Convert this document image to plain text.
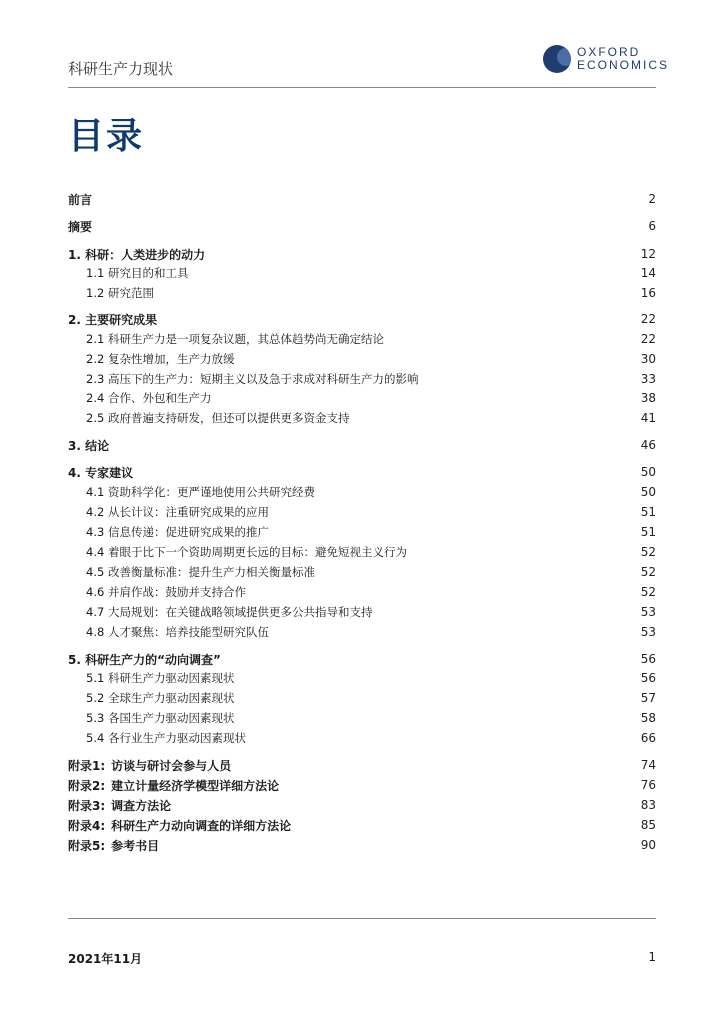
科研生产力现状
OXFORD
ECONOMICS
目录
前言	2
摘要	6
1. 科研：人类进步的动力	12
1.1 研究目的和工具	14
1.2 研究范围	16
2. 主要研究成果	22
2.1 科研生产力是一项复杂议题，其总体趋势尚无确定结论	22
2.2 复杂性增加，生产力放缓	30
2.3 高压下的生产力：短期主义以及急于求成对科研生产力的影响	33
2.4 合作、外包和生产力	38
2.5 政府普遍支持研发，但还可以提供更多资金支持	41
3. 结论	46
4. 专家建议	50
4.1 资助科学化：更严谨地使用公共研究经费	50
4.2 从长计议：注重研究成果的应用	51
4.3 信息传递：促进研究成果的推广	51
4.4 着眼于比下一个资助周期更长远的目标：避免短视主义行为	52
4.5 改善衡量标准：提升生产力相关衡量标准	52
4.6 并肩作战：鼓励并支持合作	52
4.7 大局规划：在关键战略领域提供更多公共指导和支持	53
4.8 人才聚焦：培养技能型研究队伍	53
5. 科研生产力的“动向调查”	56
5.1 科研生产力驱动因素现状	56
5.2 全球生产力驱动因素现状	57
5.3 各国生产力驱动因素现状	58
5.4 各行业生产力驱动因素现状	66
附录1: 访谈与研讨会参与人员	74
附录2: 建立计量经济学模型详细方法论	76
附录3: 调查方法论	83
附录4: 科研生产力动向调查的详细方法论	85
附录5: 参考书目	90
2021年11月	1
